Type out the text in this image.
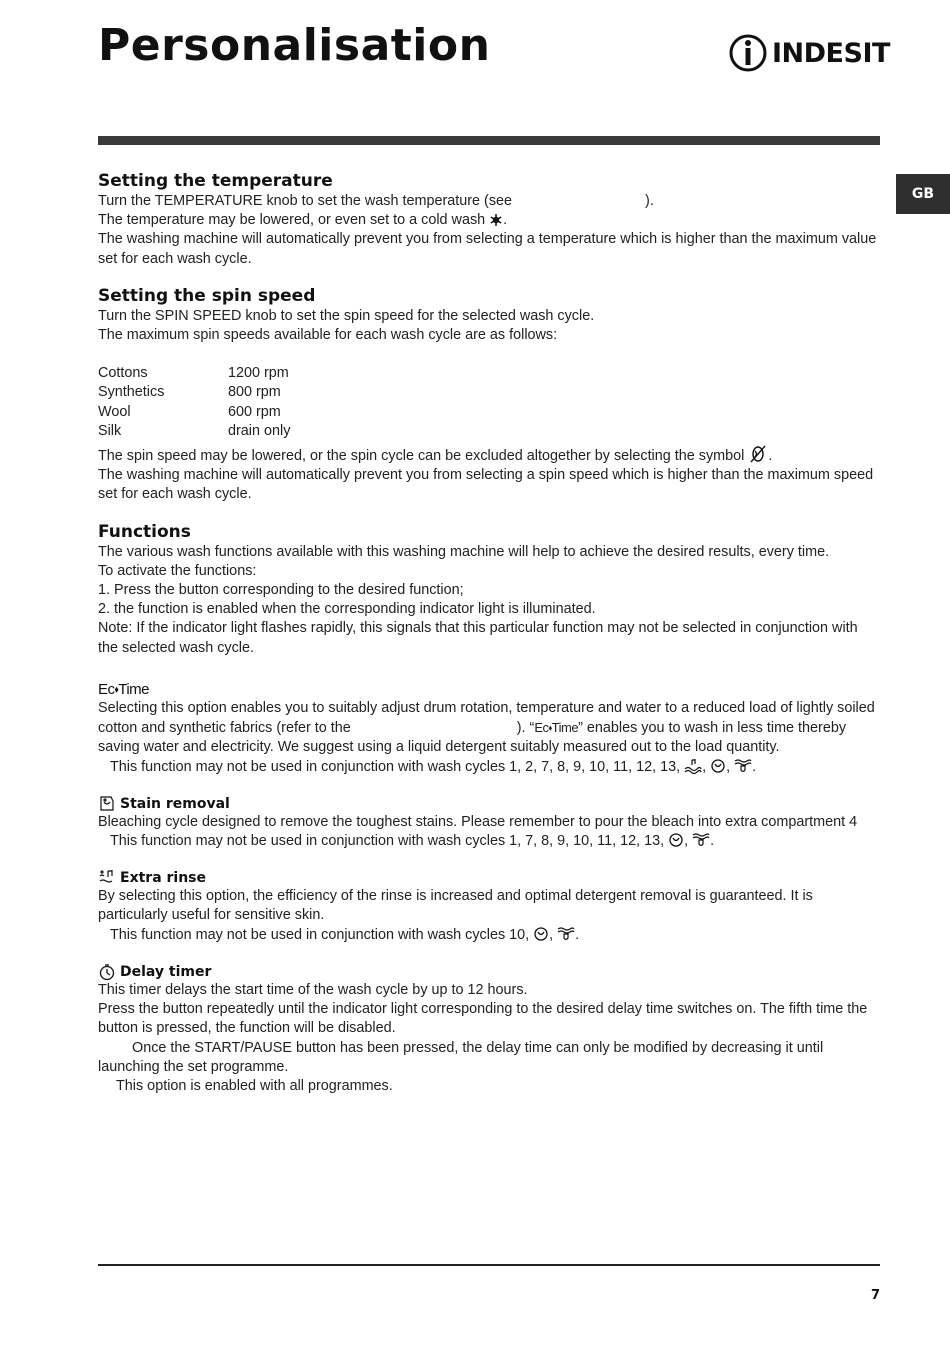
Personalisation	INDESIT
GB
Setting the temperature

Turn the TEMPERATURE knob to set the wash temperature (see	).

The temperature may be lowered, or even set to a cold wash .

The washing machine will automatically prevent you from selecting a temperature which is higher than the maximum value set for each wash cycle.

Setting the spin speed

Turn the SPIN SPEED knob to set the spin speed for the selected wash cycle.

The maximum spin speeds available for each wash cycle are as follows:

Cottons	1200 rpm
Synthetics	800 rpm
Wool	600 rpm
Silk	drain only

The spin speed may be lowered, or the spin cycle can be excluded altogether by selecting the symbol .

The washing machine will automatically prevent you from selecting a spin speed which is higher than the maximum speed set for each wash cycle.

Functions

The various wash functions available with this washing machine will help to achieve the desired results, every time.

To activate the functions:

1. Press the button corresponding to the desired function;

2. the function is enabled when the corresponding indicator light is illuminated.

Note: If the indicator light flashes rapidly, this signals that this particular function may not be selected in conjunction with the selected wash cycle.

Ec⬪Time

Selecting this option enables you to suitably adjust drum rotation, temperature and water to a reduced load of lightly soiled cotton and synthetic fabrics (refer to the	). “Ec⬪Time” enables you to wash in less time thereby saving water and electricity. We suggest using a liquid detergent suitably measured out to the load quantity.

This function may not be used in conjunction with wash cycles 1, 2, 7, 8, 9, 10, 11, 12, 13, , , .

Stain removal

Bleaching cycle designed to remove the toughest stains. Please remember to pour the bleach into extra compartment 4

This function may not be used in conjunction with wash cycles 1, 7, 8, 9, 10, 11, 12, 13, , .

Extra rinse

By selecting this option, the efficiency of the rinse is increased and optimal detergent removal is guaranteed. It is particularly useful for sensitive skin.

This function may not be used in conjunction with wash cycles 10, , .

Delay timer

This timer delays the start time of the wash cycle by up to 12 hours.

Press the button repeatedly until the indicator light corresponding to the desired delay time switches on. The fifth time the button is pressed, the function will be disabled.

Once the START/PAUSE button has been pressed, the delay time can only be modified by decreasing it until launching the set programme.

This option is enabled with all programmes.

7
